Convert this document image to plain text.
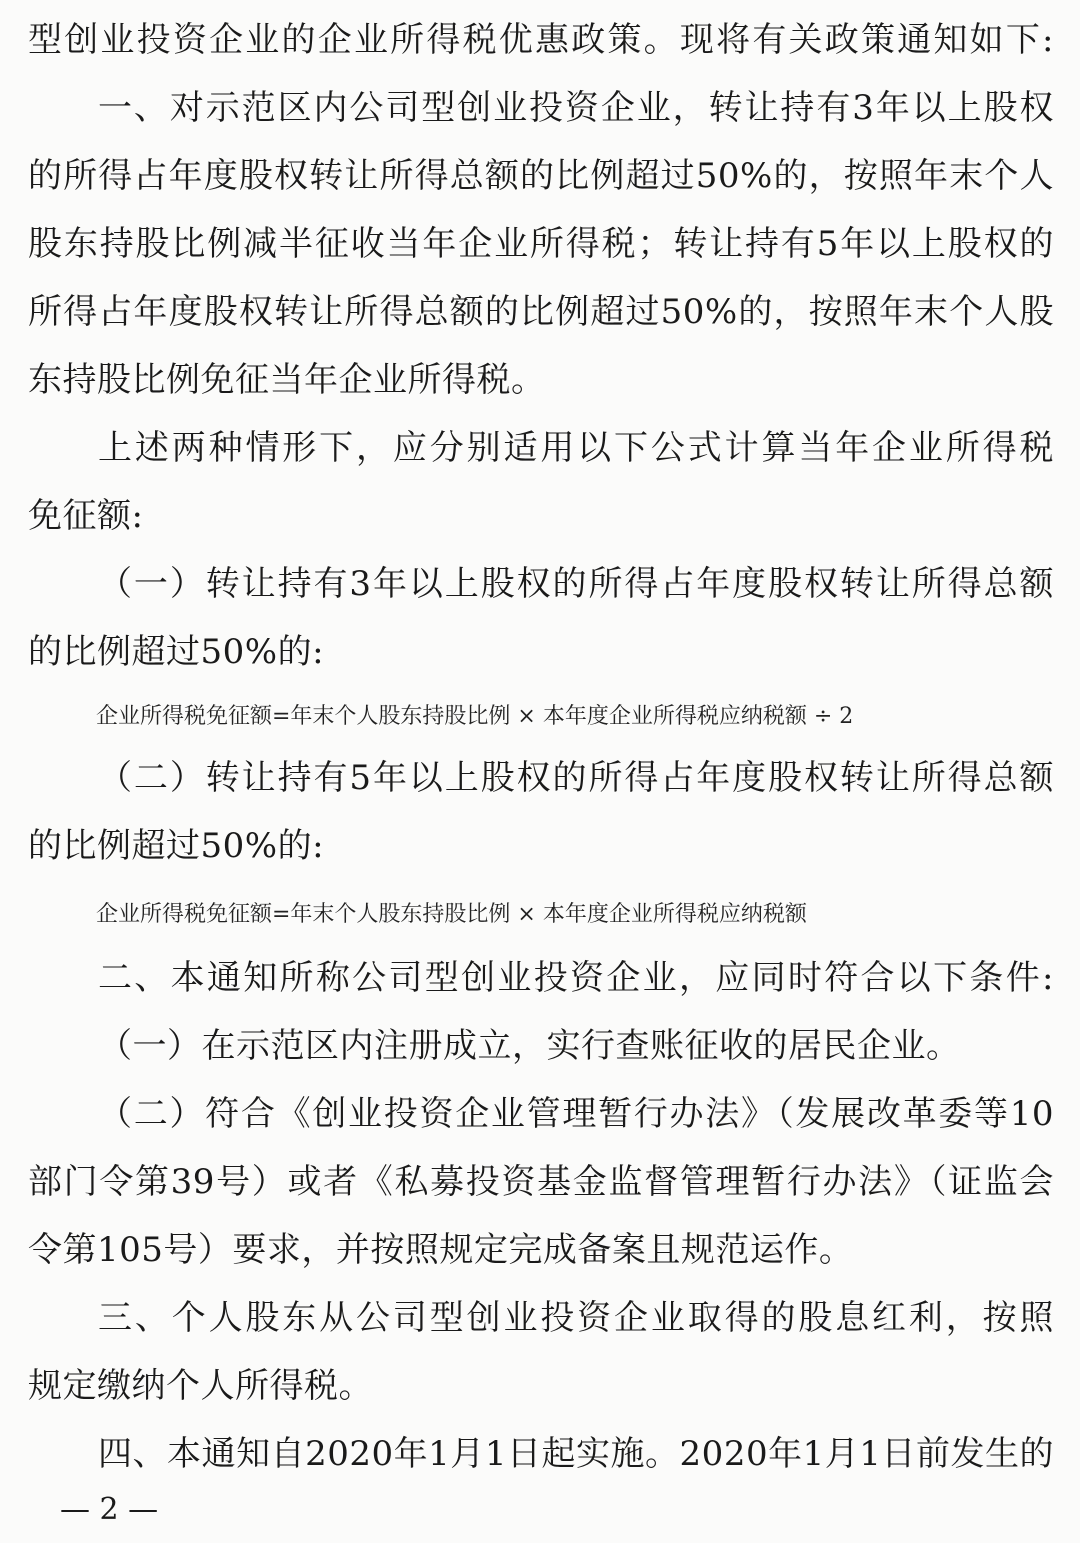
型创业投资企业的企业所得税优惠政策。现将有关政策通知如下:

一、对示范区内公司型创业投资企业，转让持有3年以上股权

的所得占年度股权转让所得总额的比例超过50%的，按照年末个人

股东持股比例减半征收当年企业所得税；转让持有5年以上股权的

所得占年度股权转让所得总额的比例超过50%的，按照年末个人股

东持股比例免征当年企业所得税。

上述两种情形下，应分别适用以下公式计算当年企业所得税

免征额:

（一）转让持有3年以上股权的所得占年度股权转让所得总额

的比例超过50%的:

企业所得税免征额=年末个人股东持股比例 × 本年度企业所得税应纳税额 ÷ 2

（二）转让持有5年以上股权的所得占年度股权转让所得总额

的比例超过50%的:

企业所得税免征额=年末个人股东持股比例 × 本年度企业所得税应纳税额

二、本通知所称公司型创业投资企业，应同时符合以下条件:

（一）在示范区内注册成立，实行查账征收的居民企业。

（二）符合《创业投资企业管理暂行办法》（发展改革委等10

部门令第39号）或者《私募投资基金监督管理暂行办法》（证监会

令第105号）要求，并按照规定完成备案且规范运作。

三、个人股东从公司型创业投资企业取得的股息红利，按照

规定缴纳个人所得税。

四、本通知自2020年1月1日起实施。2020年1月1日前发生的

— 2 —
